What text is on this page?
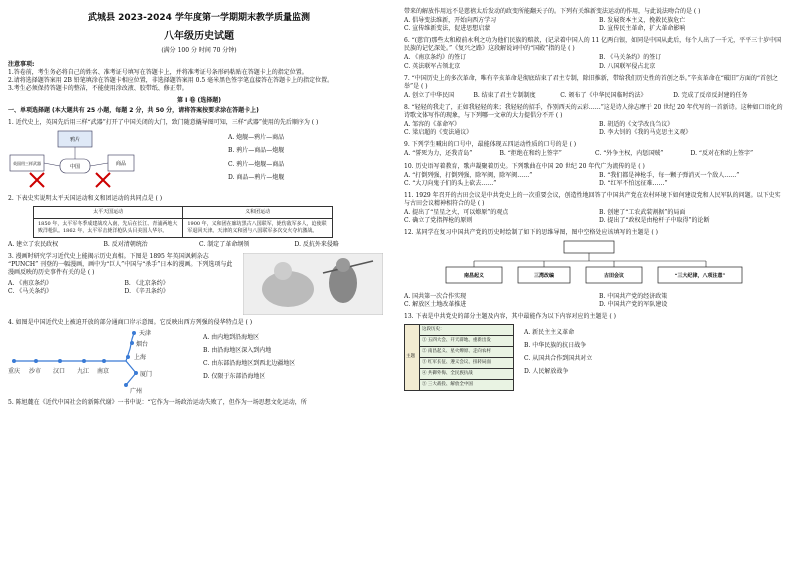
武城县 2023-2024 学年度第一学期期末教学质量监测
八年级历史试题
(满分 100 分 时间 70 分钟)
注意事项:
1.答卷前，考生务必将自己的姓名、准考证号填写在答题卡上，并将准考证号条形码粘贴在答题卡上的指定位置。
2.请将选择题答案用 2B 铅笔填涂在答题卡相应位置，非选择题答案用 0.5 毫米黑色签字笔直接答在答题卡上的指定位置。
3.考生必须保持答题卡的整洁，不能使用涂改液、胶带纸、修正带。
第 I 卷 (选择题)
一、单项选择题 (本大题共有 25 小题，每题 2 分，共 50 分，请将答案按要求涂在答题卡上)

1. 近代史上，英国先后用三样“武器”打开了中国关闭的大门，致门随意撬导图可知，三样“武器”使用的先后顺序为 ( )

鸦片
英国用三样武器
中国	商品
A. 炮舰—鸦片—商品
B. 鸦片—商品—炮舰
C. 鸦片—炮舰—商品
D. 商品—鸦片—炮舰

2. 下表史实说明太平天国运动和义和团运动的共同点是 ( )

太平天国运动	义和团运动
1850 年，太平军冬季成建战攻入南，先后在长江、青浦两地大败洋枪队。1862 年，太平军击毙洋枪队头目美国人华尔。	1900 年，义和团在廊坊黑古八国联军，毙伤敌军多人，迫使联军退回天津。天津的义和团与八国联军多次交火夺坑激战。
A. 建立了农民政权	B. 反对清朝统治	C. 制定了革命纲领	D. 反抗外来侵略

3. 漫画时研究学习近代史上能揭示历史真相。下图是 1895 年英国讽刺杂志 “PUNCH” 刊登的一幅漫画，画中为“巨人”中国与“杀手”日本的漫画。下列选项与此漫画反映的历史事件有关的是 ( )

A. 《南京条约》	B. 《北京条约》
C. 《马关条约》	D. 《辛丑条约》

4. 如图是中国近代史上被迫开放的部分通商口岸示意图。它反映出西方列强的侵华特点是 ( )

天津
烟台
上海
重庆 沙市 汉口 九江 南京	厦门
广州
A. 由内地到沿海地区
B. 由沿海地区深入到内地
C. 由东部沿海地区到西北边疆地区
D. 仅限于东部沿海地区

5. 陈旭麓在《近代中国社会的新陈代谢》一书中说：“它作为一场政治运动失败了，但作为一场思想文化运动，所

带来的解放作用远不是慈禧太后发动的政变所能翻天子的。下列有关维新变法运动的作用，与此说法吻合的是 ( )

A. 倡导变法维新，开始向西方学习	B. 发展资本主义，挽救民族危亡
C. 宣传维新变法，促进思想启蒙	D. 宣传民主革命，扩大革命影响

6. “(慈宫)那些太和殿前永利之功为他们民族的赔款，(记录着中国人的 11 亿两白银，如同是中国从此后，每个人出了一千元，平平三十岁中国民族的记忆深处。”《复兴之路》这段解说词中的“国殿”指的是 ( )

A. 《南京条约》的签订	B. 《马关条约》的签订
C. 英法联军占领北京	D. 八国联军侵占北京

7. “中国历史上的多次革命，唯有辛亥革命是彻底结束了君主专制，除旧推新，带给我们历史性的首创之举。”辛亥革命在“破旧”方面的“首创之举”是 ( )

A. 创立了中华民国	B. 结束了君主专制制度	C. 颁布了《中华民国临时约法》	D. 完成了反帝反封建的任务

8. “轻轻的我走了，正如我轻轻的来；我轻轻的招手，作别西天的云彩……”这是诗人徐志摩于 20 世纪 20 年代写的一首新诗。这种如口语化的诗歌文体写作的现象，与下列哪一文章的大力提倡分不开 ( )

A. 邹容的《革命军》	B. 胡适的《文学改良刍议》
C. 梁启超的《变法通议》	D. 李大钊的《我的马克思主义观》

9. 下列学生喊出的口号中，最能体现五四运动性质的口号的是 ( )

A. “誓死为力，还我青岛”	B. “拒绝在和约上签字”	C. “外争主权，内惩国贼”	D. “反对在和约上签字”

10. 历史语写着教育，歌声凝聚着历史。下列歌曲在中国 20 世纪 20 年代广为流传的是 ( )

A. “打倒列强，打倒列强，除军阀，除军阀……”	B. “我们都是神枪手，每一颗子弹消灭一个敌人……”
C. “大刀向鬼子们的头上砍去……”	D. “红军不怕远征难……”

11. 1929 年召开的古田会议是中共党史上的一次重要会议，创造性地回答了中国共产党在农村环境下如何建设党和人民军队的问题。以下史实与古田会议精神相符合的是 ( )

A. 提出了“星星之火，可以燎原”的观点	B. 创建了“工农武装割据”的局面
C. 确立了党指挥枪的原则	D. 提出了“政权是由枪杆子中取得”的论断

12. 某同学在复习中国共产党的历史时绘制了如下的思维导图，图中空格处应该填写的主题是 ( )

南昌起义	三湾改编	古田会议	“三大纪律，八项注意”
A. 国共第一次合作实现	B. 中国共产党的经济政策
C. 解放区土地改革推进	D. 中国共产党的军队建设

13. 下表是中共党史的部分主题及内容，其中最能作为以下内容对应的主题是 ( )

主题	这段历史：
① 五四大会、开天辟地、重新出发
② 南昌起义、星火燎原、走向农村
③ 红军长征、遵义会议、扭转局面
④ 共御外侮、全民族抗战
⑤ 三大战役、解放全中国
A. 新民主主义革命
B. 中华民族的抗日战争
C. 从国共合作到国共对立
D. 人民解放战争
